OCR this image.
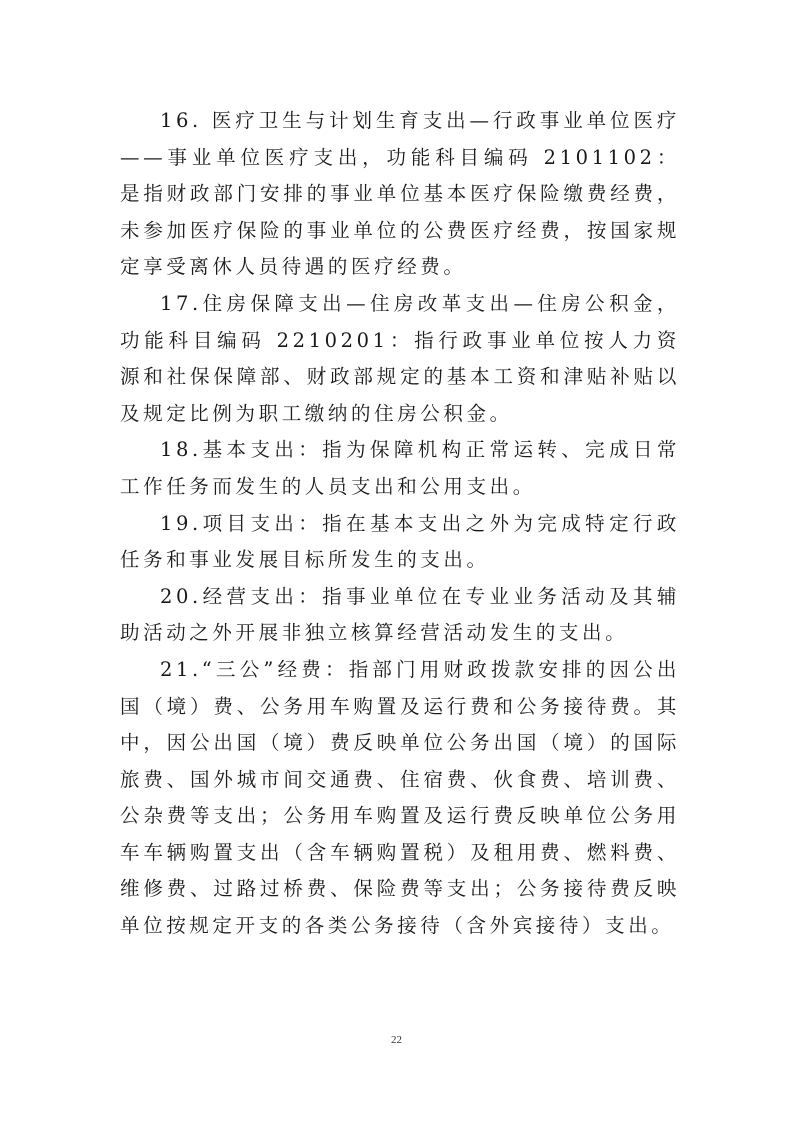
16. 医疗卫生与计划生育支出—行政事业单位医疗——事业单位医疗支出，功能科目编码 2101102：是指财政部门安排的事业单位基本医疗保险缴费经费，未参加医疗保险的事业单位的公费医疗经费，按国家规定享受离休人员待遇的医疗经费。

17.住房保障支出—住房改革支出—住房公积金，功能科目编码 2210201：指行政事业单位按人力资源和社保保障部、财政部规定的基本工资和津贴补贴以及规定比例为职工缴纳的住房公积金。

18.基本支出：指为保障机构正常运转、完成日常工作任务而发生的人员支出和公用支出。

19.项目支出：指在基本支出之外为完成特定行政任务和事业发展目标所发生的支出。

20.经营支出：指事业单位在专业业务活动及其辅助活动之外开展非独立核算经营活动发生的支出。

21.“三公”经费：指部门用财政拨款安排的因公出国（境）费、公务用车购置及运行费和公务接待费。其中，因公出国（境）费反映单位公务出国（境）的国际旅费、国外城市间交通费、住宿费、伙食费、培训费、公杂费等支出；公务用车购置及运行费反映单位公务用车车辆购置支出（含车辆购置税）及租用费、燃料费、维修费、过路过桥费、保险费等支出；公务接待费反映单位按规定开支的各类公务接待（含外宾接待）支出。

22
